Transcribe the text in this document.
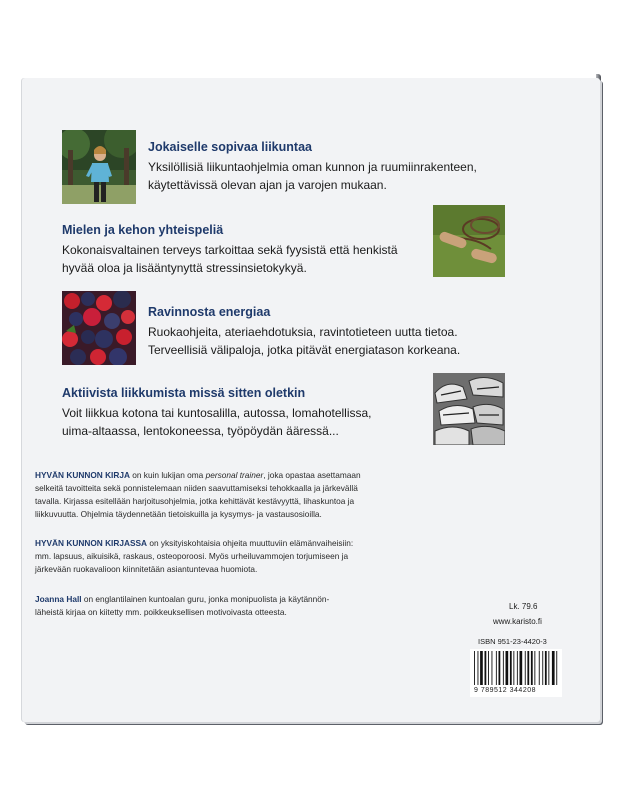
Jokaiselle sopivaa liikuntaa
Yksilöllisiä liikuntaohjelmia oman kunnon ja ruumiinrakenteen,
käytettävissä olevan ajan ja varojen mukaan.
Mielen ja kehon yhteispeliä
Kokonaisvaltainen terveys tarkoittaa sekä fyysistä että henkistä
hyvää oloa ja lisääntynyttä stressinsietokykyä.
Ravinnosta energiaa
Ruokaohjeita, ateriaehdotuksia, ravintotieteen uutta tietoa.
Terveellisiä välipaloja, jotka pitävät energiatason korkeana.
Aktiivista liikkumista missä sitten oletkin
Voit liikkua kotona tai kuntosalilla, autossa, lomahotellissa,
uima-altaassa, lentokoneessa, työpöydän ääressä...
HYVÄN KUNNON KIRJA on kuin lukijan oma personal trainer, joka opastaa asettamaan
selkeitä tavoitteita sekä ponnistelemaan niiden saavuttamiseksi tehokkaalla ja järkevällä
tavalla. Kirjassa esitellään harjoitusohjelmia, jotka kehittävät kestävyyttä, lihaskuntoa ja
liikkuvuutta. Ohjelmia täydennetään tietoiskuilla ja kysymys- ja vastausosioilla.
HYVÄN KUNNON KIRJASSA on yksityiskohtaisia ohjeita muuttuviin elämänvaiheisiin:
mm. lapsuus, aikuisikä, raskaus, osteoporoosi. Myös urheiluvammojen torjumiseen ja
järkevään ruokavalioon kiinnitetään asiantuntevaa huomiota.
Joanna Hall on englantilainen kuntoalan guru, jonka monipuolista ja käytännön-
läheistä kirjaa on kiitetty mm. poikkeuksellisen motivoivasta otteesta.
Lk. 79.6
www.karisto.fi
ISBN 951-23-4420-3
9 789512 344208
